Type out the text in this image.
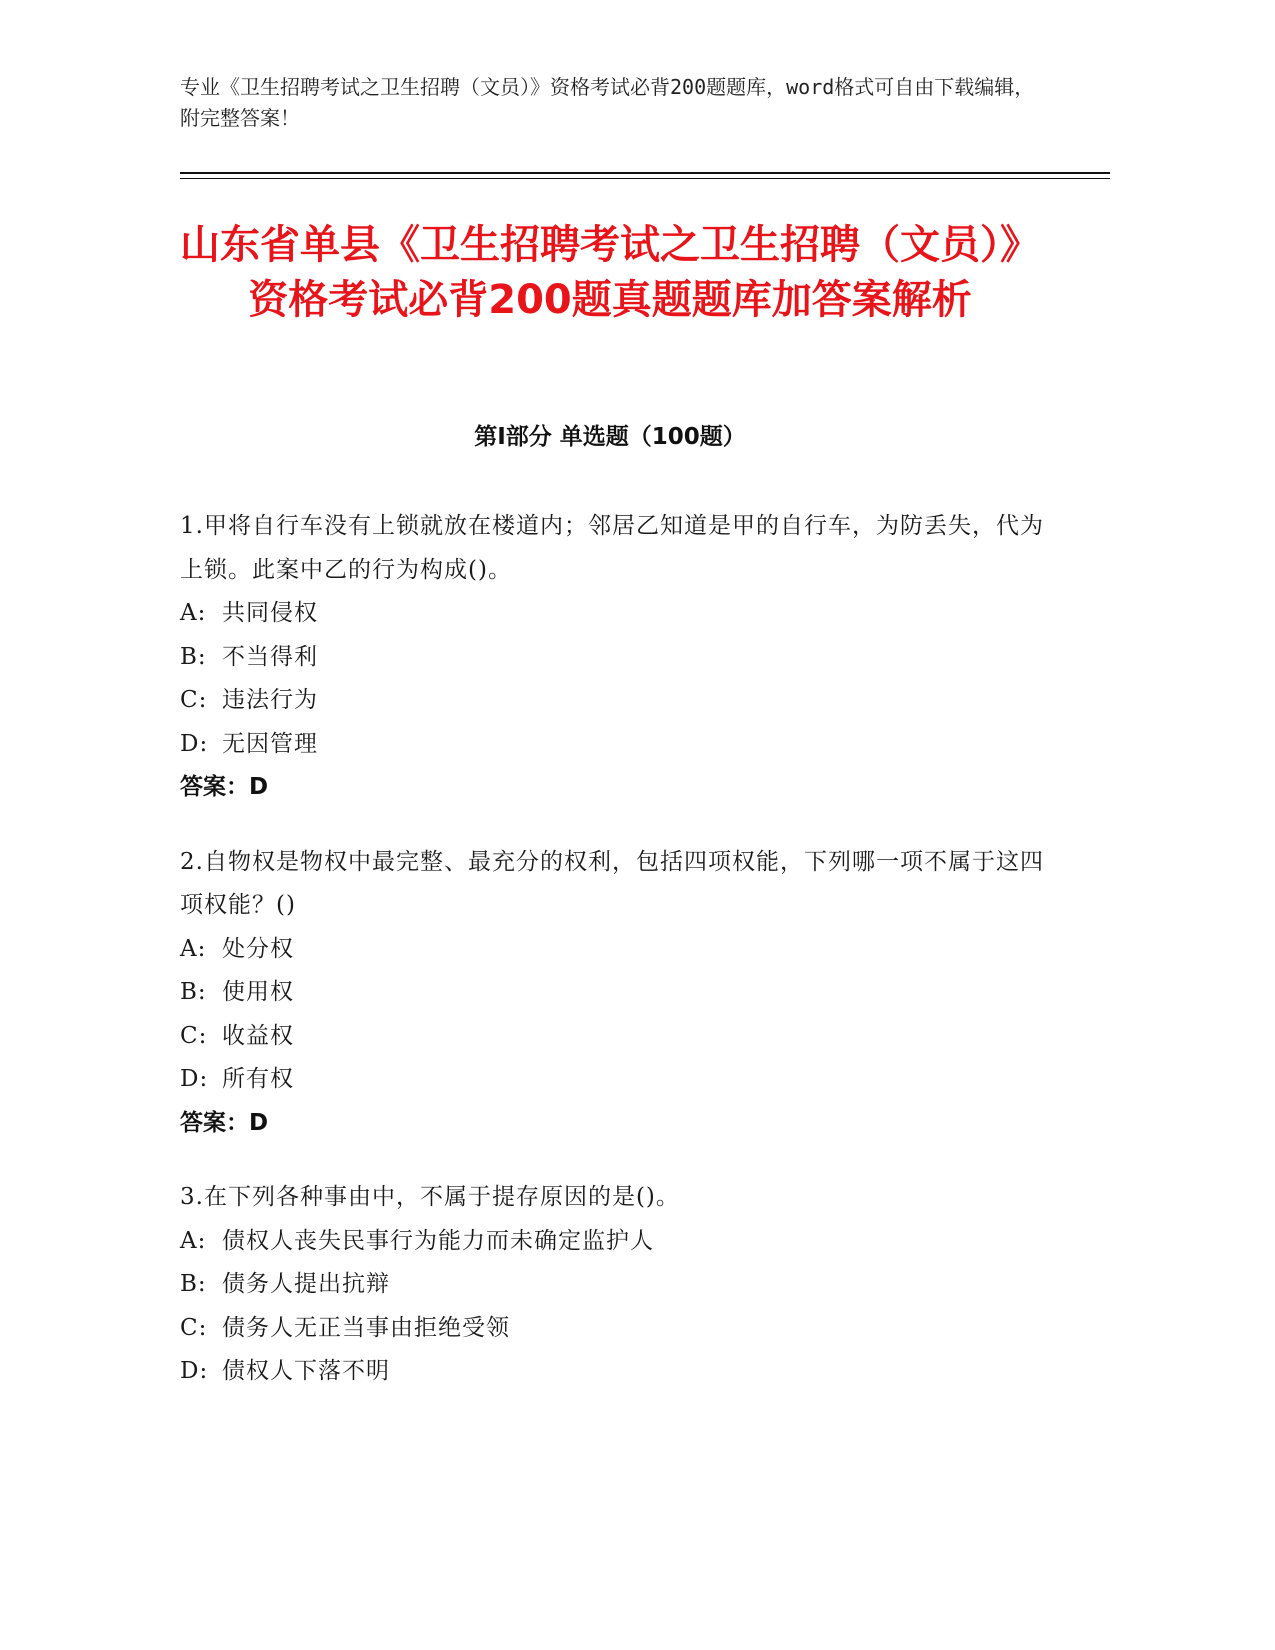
专业《卫生招聘考试之卫生招聘（文员）》资格考试必背200题题库，word格式可自由下载编辑，附完整答案！
山东省单县《卫生招聘考试之卫生招聘（文员）》资格考试必背200题真题题库加答案解析
第Ⅰ部分 单选题（100题）
1.甲将自行车没有上锁就放在楼道内；邻居乙知道是甲的自行车，为防丢失，代为上锁。此案中乙的行为构成()。
A: 共同侵权
B: 不当得利
C: 违法行为
D: 无因管理
答案：D
2.自物权是物权中最完整、最充分的权利，包括四项权能，下列哪一项不属于这四项权能？()
A: 处分权
B: 使用权
C: 收益权
D: 所有权
答案：D
3.在下列各种事由中，不属于提存原因的是()。
A: 债权人丧失民事行为能力而未确定监护人
B: 债务人提出抗辩
C: 债务人无正当事由拒绝受领
D: 债权人下落不明
